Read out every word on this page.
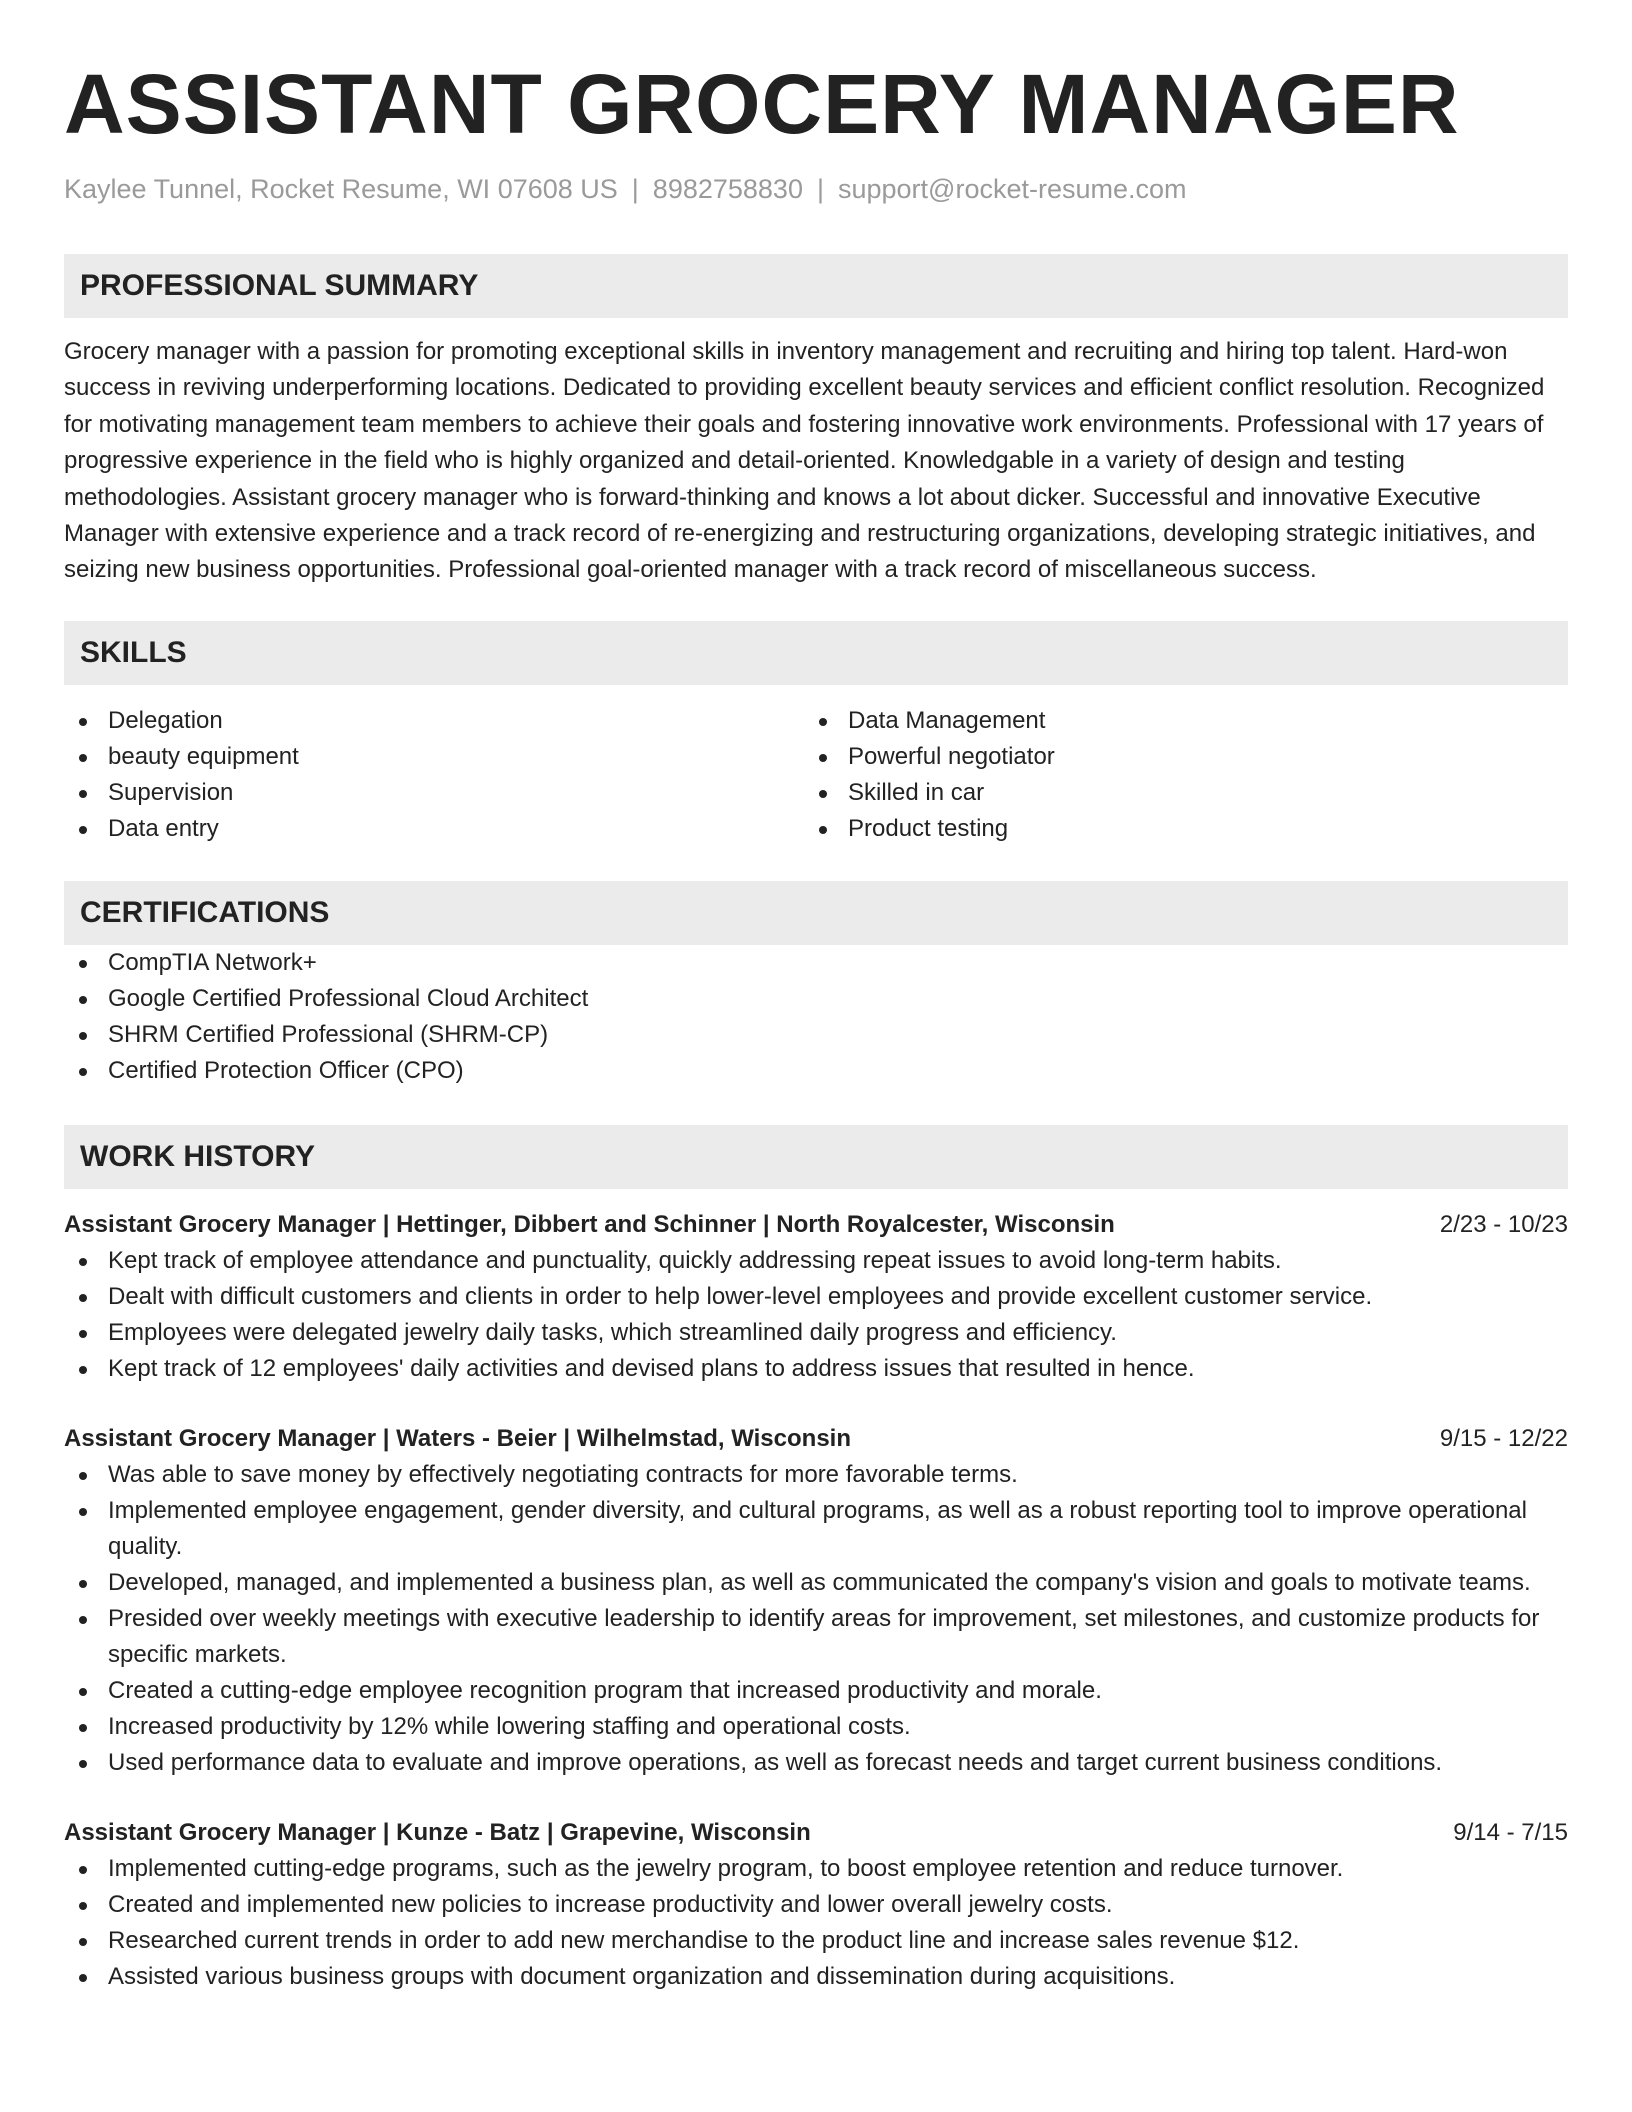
ASSISTANT GROCERY MANAGER
Kaylee Tunnel, Rocket Resume, WI 07608 US | 8982758830 | support@rocket-resume.com
PROFESSIONAL SUMMARY

Grocery manager with a passion for promoting exceptional skills in inventory management and recruiting and hiring top talent. Hard-won success in reviving underperforming locations. Dedicated to providing excellent beauty services and efficient conflict resolution. Recognized for motivating management team members to achieve their goals and fostering innovative work environments. Professional with 17 years of progressive experience in the field who is highly organized and detail-oriented. Knowledgable in a variety of design and testing methodologies. Assistant grocery manager who is forward-thinking and knows a lot about dicker. Successful and innovative Executive Manager with extensive experience and a track record of re-energizing and restructuring organizations, developing strategic initiatives, and seizing new business opportunities. Professional goal-oriented manager with a track record of miscellaneous success.

SKILLS
Delegation
beauty equipment
Supervision
Data entry
Data Management
Powerful negotiator
Skilled in car
Product testing
CERTIFICATIONS
CompTIA Network+
Google Certified Professional Cloud Architect
SHRM Certified Professional (SHRM-CP)
Certified Protection Officer (CPO)
WORK HISTORY
Assistant Grocery Manager | Hettinger, Dibbert and Schinner | North Royalcester, Wisconsin	2/23 - 10/23
Kept track of employee attendance and punctuality, quickly addressing repeat issues to avoid long-term habits.
Dealt with difficult customers and clients in order to help lower-level employees and provide excellent customer service.
Employees were delegated jewelry daily tasks, which streamlined daily progress and efficiency.
Kept track of 12 employees' daily activities and devised plans to address issues that resulted in hence.
Assistant Grocery Manager | Waters - Beier | Wilhelmstad, Wisconsin	9/15 - 12/22
Was able to save money by effectively negotiating contracts for more favorable terms.
Implemented employee engagement, gender diversity, and cultural programs, as well as a robust reporting tool to improve operational quality.
Developed, managed, and implemented a business plan, as well as communicated the company's vision and goals to motivate teams.
Presided over weekly meetings with executive leadership to identify areas for improvement, set milestones, and customize products for specific markets.
Created a cutting-edge employee recognition program that increased productivity and morale.
Increased productivity by 12% while lowering staffing and operational costs.
Used performance data to evaluate and improve operations, as well as forecast needs and target current business conditions.
Assistant Grocery Manager | Kunze - Batz | Grapevine, Wisconsin	9/14 - 7/15
Implemented cutting-edge programs, such as the jewelry program, to boost employee retention and reduce turnover.
Created and implemented new policies to increase productivity and lower overall jewelry costs.
Researched current trends in order to add new merchandise to the product line and increase sales revenue $12.
Assisted various business groups with document organization and dissemination during acquisitions.
